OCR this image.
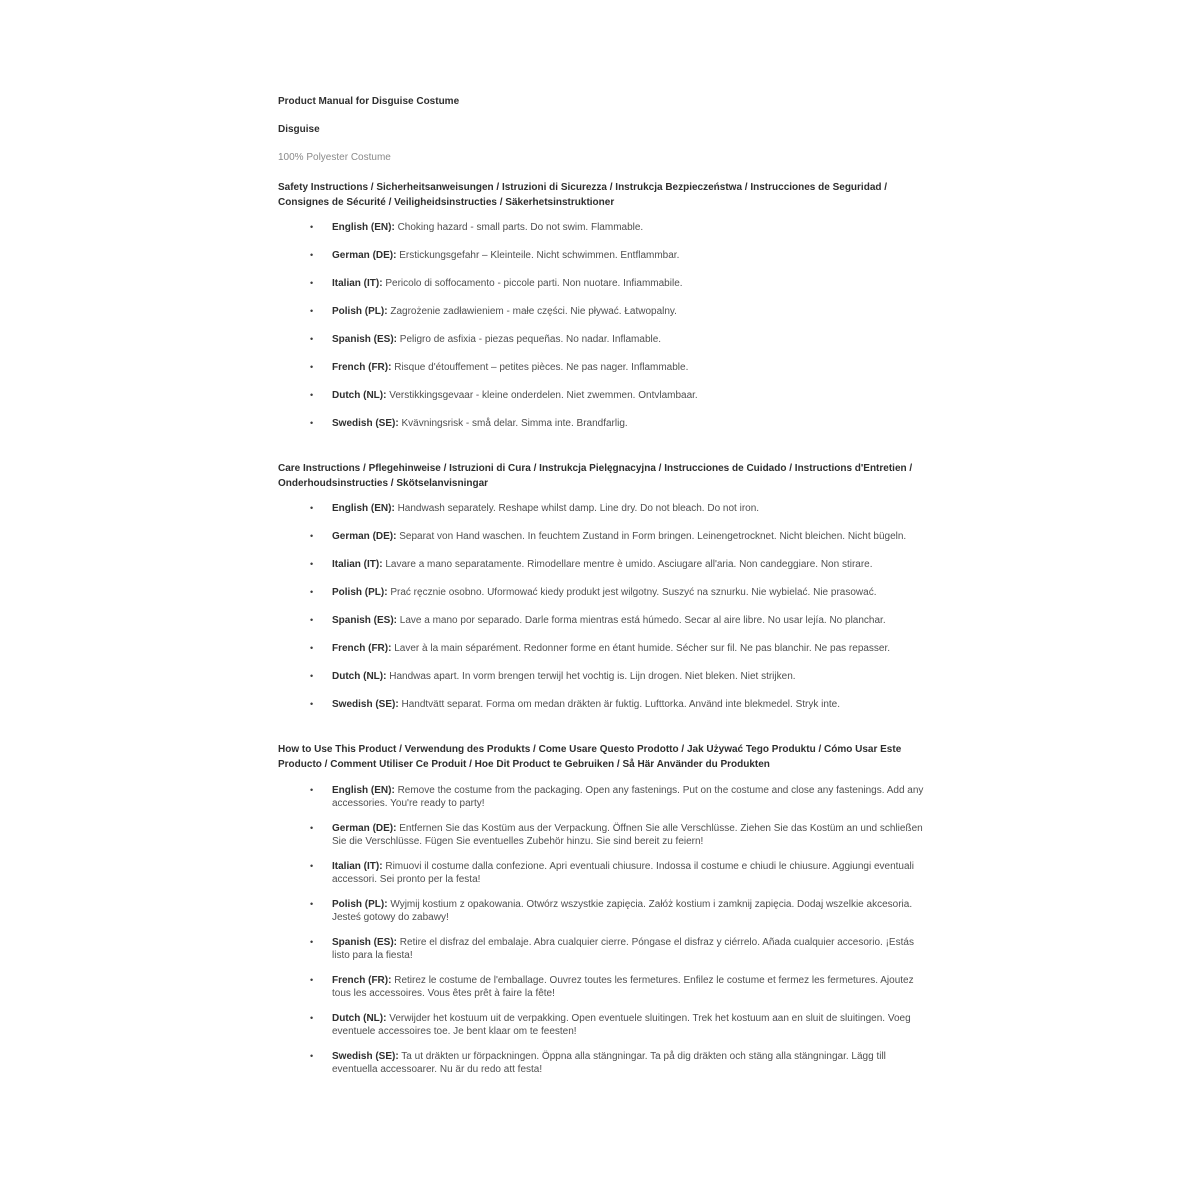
Product Manual for Disguise Costume

Disguise

100% Polyester Costume

Safety Instructions / Sicherheitsanweisungen / Istruzioni di Sicurezza / Instrukcja Bezpieczeństwa / Instrucciones de Seguridad / Consignes de Sécurité / Veiligheidsinstructies / Säkerhetsinstruktioner

• English (EN): Choking hazard - small parts. Do not swim. Flammable.
• German (DE): Erstickungsgefahr – Kleinteile. Nicht schwimmen. Entflammbar.
• Italian (IT): Pericolo di soffocamento - piccole parti. Non nuotare. Infiammabile.
• Polish (PL): Zagrożenie zadławieniem - małe części. Nie pływać. Łatwopalny.
• Spanish (ES): Peligro de asfixia - piezas pequeñas. No nadar. Inflamable.
• French (FR): Risque d'étouffement – petites pièces. Ne pas nager. Inflammable.
• Dutch (NL): Verstikkingsgevaar - kleine onderdelen. Niet zwemmen. Ontvlambaar.
• Swedish (SE): Kvävningsrisk - små delar. Simma inte. Brandfarlig.

Care Instructions / Pflegehinweise / Istruzioni di Cura / Instrukcja Pielęgnacyjna / Instrucciones de Cuidado / Instructions d'Entretien / Onderhoudsinstructies / Skötselanvisningar

• English (EN): Handwash separately. Reshape whilst damp. Line dry. Do not bleach. Do not iron.
• German (DE): Separat von Hand waschen. In feuchtem Zustand in Form bringen. Leinengetrocknet. Nicht bleichen. Nicht bügeln.
• Italian (IT): Lavare a mano separatamente. Rimodellare mentre è umido. Asciugare all'aria. Non candeggiare. Non stirare.
• Polish (PL): Prać ręcznie osobno. Uformować kiedy produkt jest wilgotny. Suszyć na sznurku. Nie wybielać. Nie prasować.
• Spanish (ES): Lave a mano por separado. Darle forma mientras está húmedo. Secar al aire libre. No usar lejía. No planchar.
• French (FR): Laver à la main séparément. Redonner forme en étant humide. Sécher sur fil. Ne pas blanchir. Ne pas repasser.
• Dutch (NL): Handwas apart. In vorm brengen terwijl het vochtig is. Lijn drogen. Niet bleken. Niet strijken.
• Swedish (SE): Handtvätt separat. Forma om medan dräkten är fuktig. Lufttorka. Använd inte blekmedel. Stryk inte.

How to Use This Product / Verwendung des Produkts / Come Usare Questo Prodotto / Jak Używać Tego Produktu / Cómo Usar Este Producto / Comment Utiliser Ce Produit / Hoe Dit Product te Gebruiken / Så Här Använder du Produkten

• English (EN): Remove the costume from the packaging. Open any fastenings. Put on the costume and close any fastenings. Add any accessories. You're ready to party!
• German (DE): Entfernen Sie das Kostüm aus der Verpackung. Öffnen Sie alle Verschlüsse. Ziehen Sie das Kostüm an und schließen Sie die Verschlüsse. Fügen Sie eventuelles Zubehör hinzu. Sie sind bereit zu feiern!
• Italian (IT): Rimuovi il costume dalla confezione. Apri eventuali chiusure. Indossa il costume e chiudi le chiusure. Aggiungi eventuali accessori. Sei pronto per la festa!
• Polish (PL): Wyjmij kostium z opakowania. Otwórz wszystkie zapięcia. Załóż kostium i zamknij zapięcia. Dodaj wszelkie akcesoria. Jesteś gotowy do zabawy!
• Spanish (ES): Retire el disfraz del embalaje. Abra cualquier cierre. Póngase el disfraz y ciérrelo. Añada cualquier accesorio. ¡Estás listo para la fiesta!
• French (FR): Retirez le costume de l'emballage. Ouvrez toutes les fermetures. Enfilez le costume et fermez les fermetures. Ajoutez tous les accessoires. Vous êtes prêt à faire la fête!
• Dutch (NL): Verwijder het kostuum uit de verpakking. Open eventuele sluitingen. Trek het kostuum aan en sluit de sluitingen. Voeg eventuele accessoires toe. Je bent klaar om te feesten!
• Swedish (SE): Ta ut dräkten ur förpackningen. Öppna alla stängningar. Ta på dig dräkten och stäng alla stängningar. Lägg till eventuella accessoarer. Nu är du redo att festa!
